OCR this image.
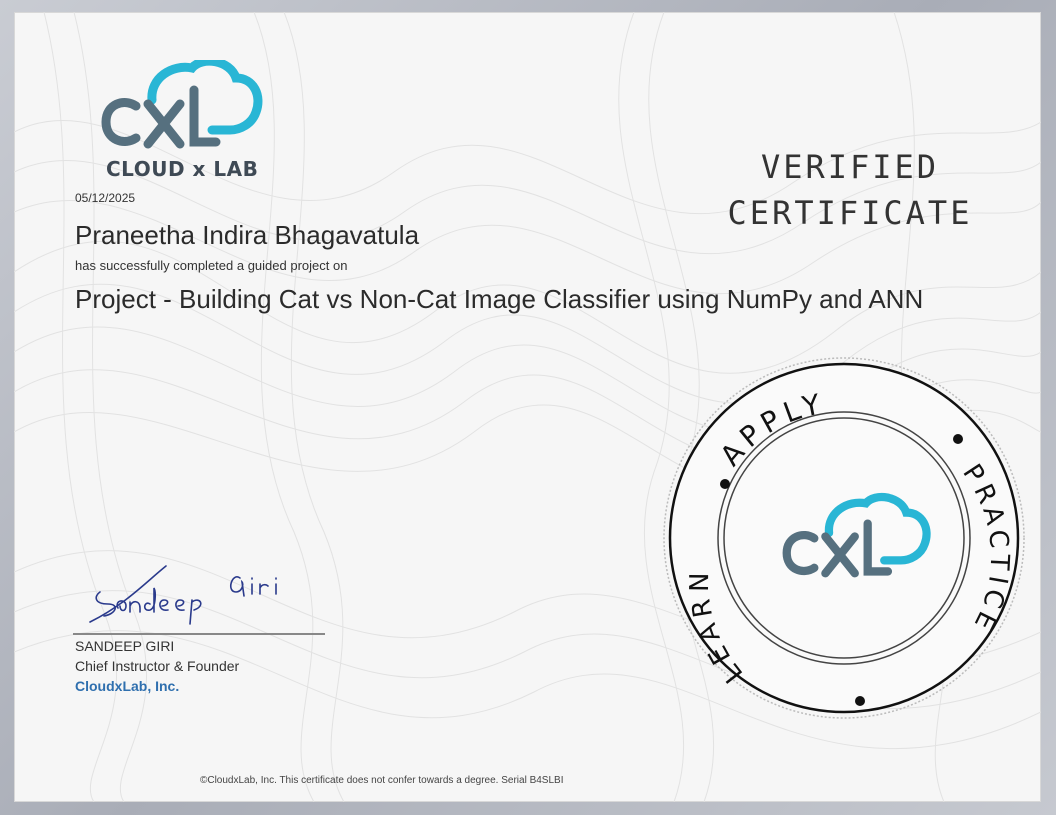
CLOUD x LAB
05/12/2025
Praneetha Indira Bhagavatula
has successfully completed a guided project on
Project - Building Cat vs Non-Cat Image Classifier using NumPy and ANN
VERIFIED
CERTIFICATE
APPLY
PRACTICE
LEARN
SANDEEP GIRI
Chief Instructor & Founder
CloudxLab, Inc.
©CloudxLab, Inc. This certificate does not confer towards a degree. Serial B4SLBI
